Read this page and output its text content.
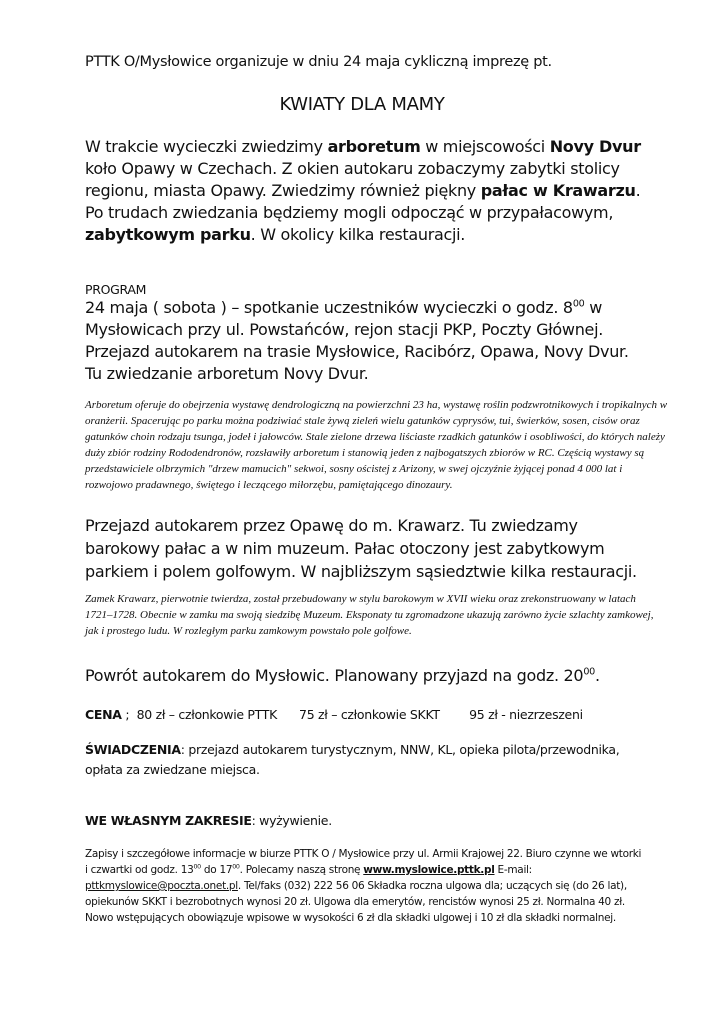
PTTK O/Mysłowice organizuje w dniu 24 maja cykliczną imprezę pt.

KWIATY DLA MAMY

W trakcie wycieczki zwiedzimy arboretum w miejscowości Novy Dvur koło Opawy w Czechach. Z okien autokaru zobaczymy zabytki stolicy regionu, miasta Opawy. Zwiedzimy również piękny pałac w Krawarzu. Po trudach zwiedzania będziemy mogli odpocząć w przypałacowym, zabytkowym parku. W okolicy kilka restauracji.

PROGRAM

24 maja ( sobota ) – spotkanie uczestników wycieczki o godz. $8^{00}$ w Mysłowicach przy ul. Powstańców, rejon stacji PKP, Poczty Głównej. Przejazd autokarem na trasie Mysłowice, Racibórz, Opawa, Novy Dvur. Tu zwiedzanie arboretum Novy Dvur.

Arboretum oferuje do obejrzenia wystawę dendrologiczną na powierzchni 23 ha, wystawę roślin podzwrotnikowych i tropikalnych w oranżerii. Spacerując po parku można podziwiać stale żywą zieleń wielu gatunków cyprysów, tui, świerków, sosen, cisów oraz gatunków choin rodzaju tsunga, jodeł i jałowców. Stale zielone drzewa liściaste rzadkich gatunków i osobliwości, do których należy duży zbiór rodziny Rododendronów, rozsławiły arboretum i stanowią jeden z najbogatszych zbiorów w RC. Częścią wystawy są przedstawiciele olbrzymich "drzew mamucich" sekwoi, sosny ościstej z Arizony, w swej ojczyźnie żyjącej ponad 4 000 lat i rozwojowo pradawnego, świętego i leczącego miłorzębu, pamiętającego dinozaury.

Przejazd autokarem przez Opawę do m. Krawarz. Tu zwiedzamy barokowy pałac a w nim muzeum. Pałac otoczony jest zabytkowym parkiem i polem golfowym. W najbliższym sąsiedztwie kilka restauracji.

Zamek Krawarz, pierwotnie twierdza, został przebudowany w stylu barokowym w XVII wieku oraz zrekonstruowany w latach 1721–1728. Obecnie w zamku ma swoją siedzibę Muzeum. Eksponaty tu zgromadzone ukazują zarówno życie szlachty zamkowej, jak i prostego ludu. W rozległym parku zamkowym powstało pole golfowe.

Powrót autokarem do Mysłowic. Planowany przyjazd na godz. $20^{00}$.

CENA ;  80 zł – członkowie PTTK      75 zł – członkowie SKKT        95 zł - niezrzeszeni

ŚWIADCZENIA: przejazd autokarem turystycznym, NNW, KL, opieka pilota/przewodnika, opłata za zwiedzane miejsca.

WE WŁASNYM ZAKRESIE: wyżywienie.

Zapisy i szczegółowe informacje w biurze PTTK O / Mysłowice przy ul. Armii Krajowej 22. Biuro czynne we wtorki i czwartki od godz. $13^{00}$ do $17^{00}$. Polecamy naszą stronę www.myslowice.pttk.pl E-mail: pttkmyslowice@poczta.onet.pl. Tel/faks (032) 222 56 06 Składka roczna ulgowa dla; uczących się (do 26 lat), opiekunów SKKT i bezrobotnych wynosi 20 zł. Ulgowa dla emerytów, rencistów wynosi 25 zł. Normalna 40 zł. Nowo wstępujących obowiązuje wpisowe w wysokości 6 zł dla składki ulgowej i 10 zł dla składki normalnej.
